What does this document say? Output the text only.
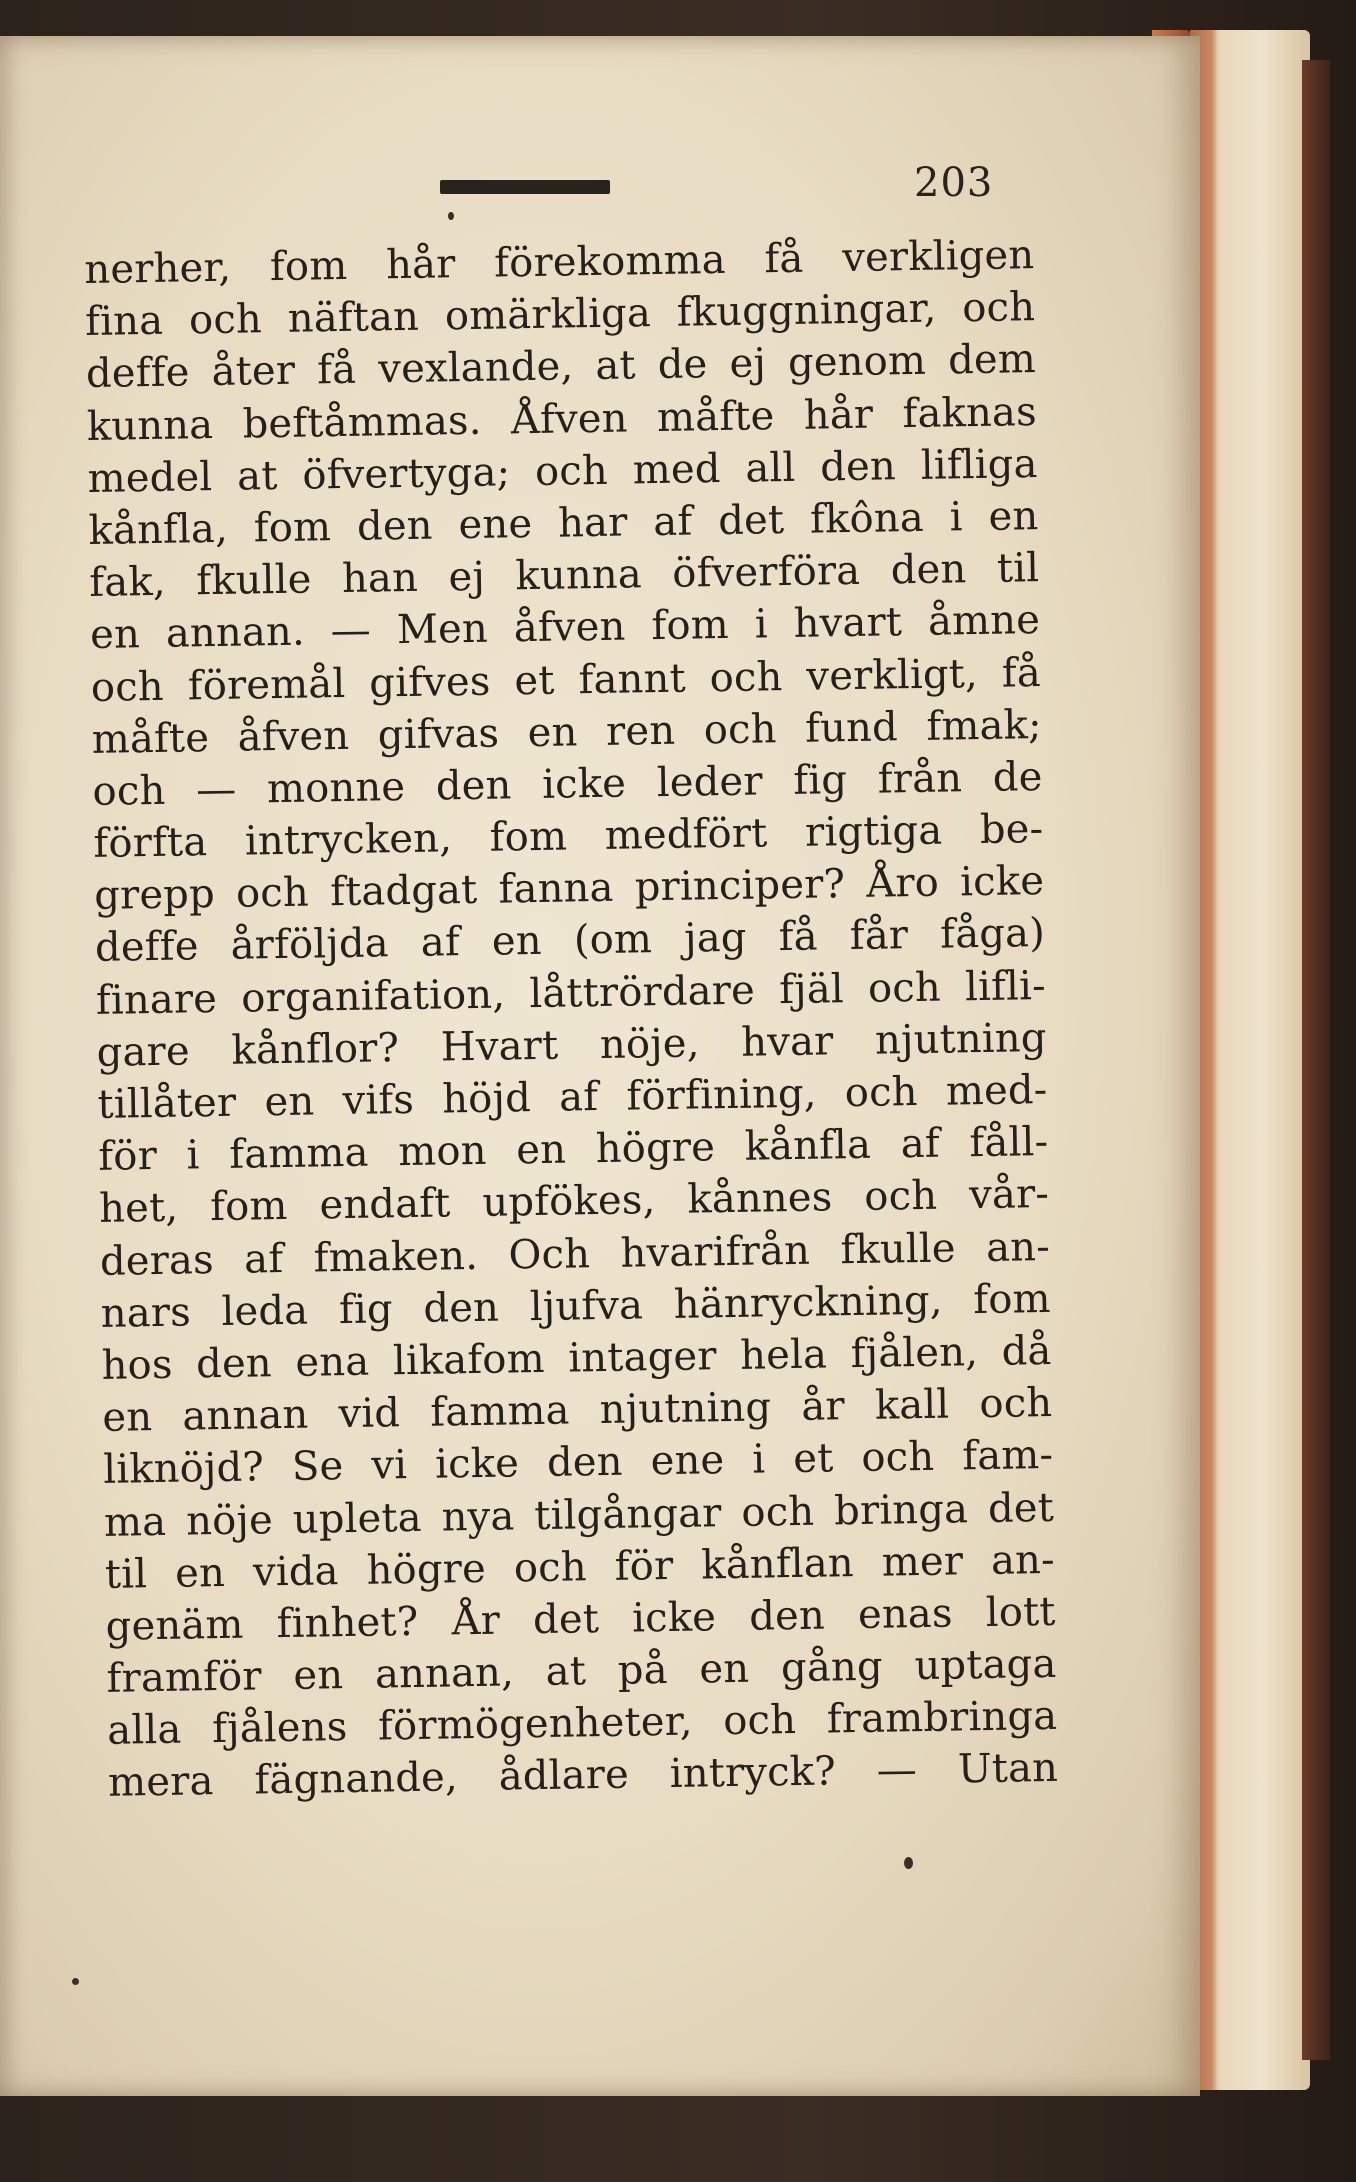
203
nerher, fom hår förekomma få verkligen
fina och näftan omärkliga fkuggningar, och
deffe åter få vexlande, at de ej genom dem
kunna beftåmmas. Åfven måfte hår faknas
medel at öfvertyga; och med all den lifliga
kånfla, fom den ene har af det fkôna i en
fak, fkulle han ej kunna öfverföra den til
en annan. — Men åfven fom i hvart åmne
och föremål gifves et fannt och verkligt, få
måfte åfven gifvas en ren och fund fmak;
och — monne den icke leder fig från de
förfta intrycken, fom medfört rigtiga be-
grepp och ftadgat fanna principer? Åro icke
deffe årföljda af en (om jag få får fåga)
finare organifation, låttrördare fjäl och lifli-
gare kånflor? Hvart nöje, hvar njutning
tillåter en vifs höjd af förfining, och med-
för i famma mon en högre kånfla af fåll-
het, fom endaft upfökes, kånnes och vår-
deras af fmaken. Och hvarifrån fkulle an-
nars leda fig den ljufva hänryckning, fom
hos den ena likafom intager hela fjålen, då
en annan vid famma njutning år kall och
liknöjd? Se vi icke den ene i et och fam-
ma nöje upleta nya tilgångar och bringa det
til en vida högre och för kånflan mer an-
genäm finhet? År det icke den enas lott
framför en annan, at på en gång uptaga
alla fjålens förmögenheter, och frambringa
mera fägnande, ådlare intryck? — Utan
